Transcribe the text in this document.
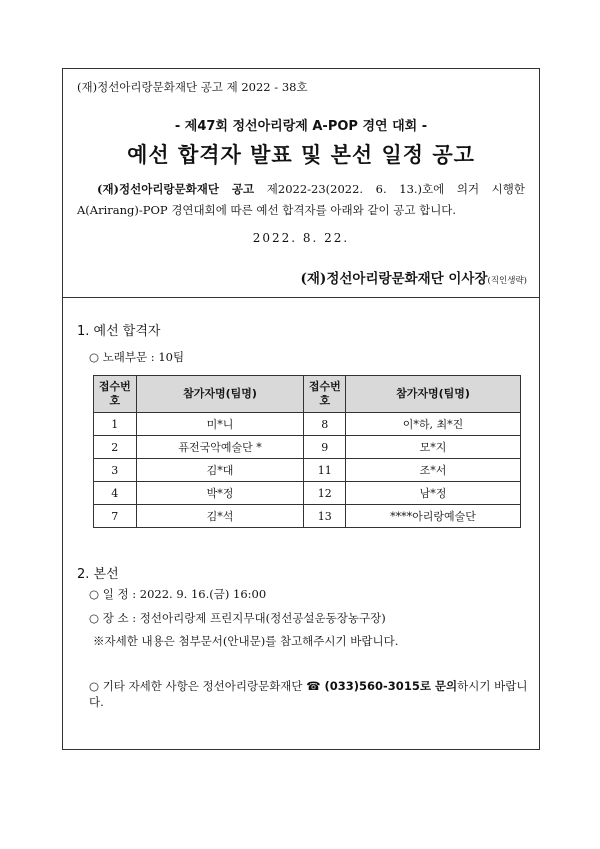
(재)정선아리랑문화재단 공고 제 2022 - 38호
- 제47회 정선아리랑제 A-POP 경연 대회 -
예선 합격자 발표 및 본선 일정 공고
(재)정선아리랑문화재단 공고 제2022-23(2022. 6. 13.)호에 의거 시행한 A(Arirang)-POP 경연대회에 따른 예선 합격자를 아래와 같이 공고 합니다.
2022. 8. 22.
(재)정선아리랑문화재단 이사장(직인생략)
1. 예선 합격자
○ 노래부문 : 10팀
접수번호	참가자명(팀명)	접수번호	참가자명(팀명)
1	미*니	8	이*하, 최*진
2	퓨전국악예술단 *	9	모*지
3	김*대	11	조*서
4	박*정	12	남*정
7	김*석	13	****아리랑예술단
2. 본선
○ 일 정 : 2022. 9. 16.(금) 16:00
○ 장 소 : 정선아리랑제 프린지무대(정선공설운동장농구장)
※자세한 내용은 첨부문서(안내문)를 참고해주시기 바랍니다.
○ 기타 자세한 사항은 정선아리랑문화재단 ☎ (033)560-3015로 문의하시기 바랍니다.
